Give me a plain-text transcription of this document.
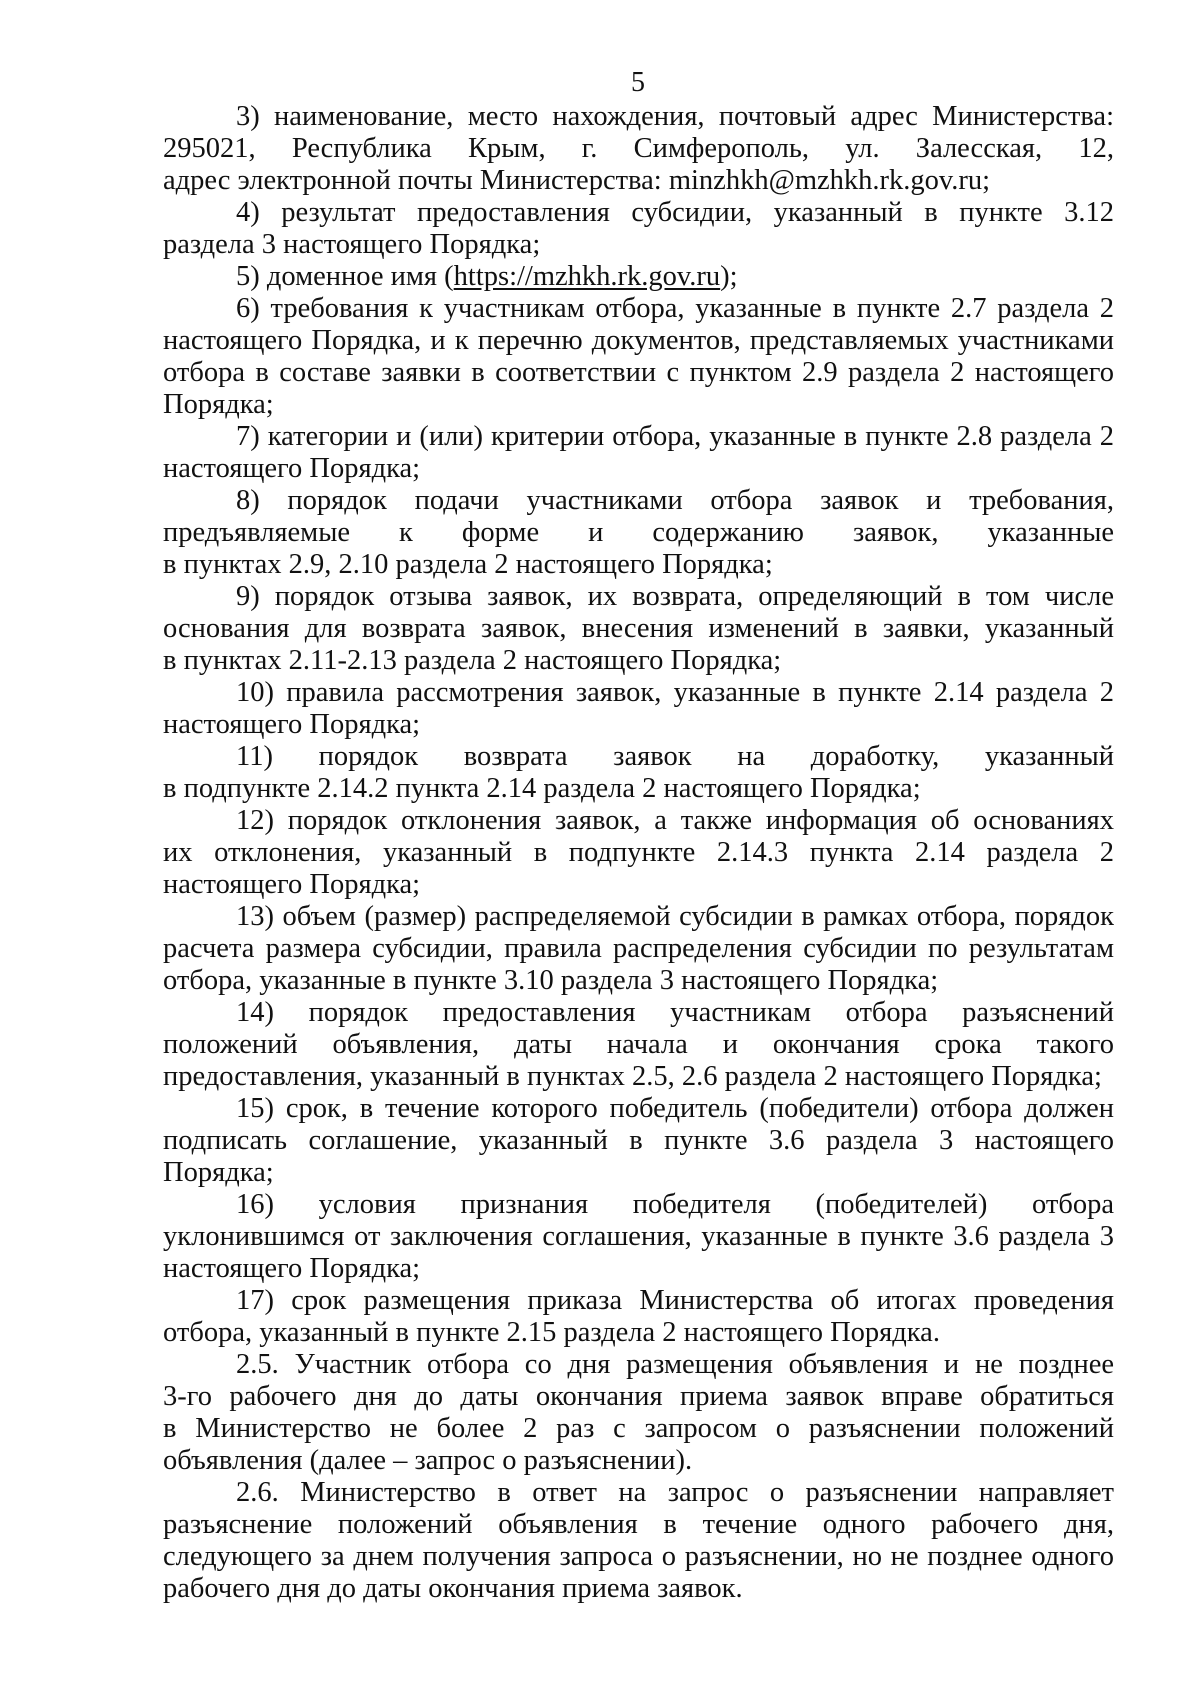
5
3) наименование, место нахождения, почтовый адрес Министерства:
295021, Республика Крым, г. Симферополь, ул. Залесская, 12,
адрес электронной почты Министерства: minzhkh@mzhkh.rk.gov.ru;
4) результат предоставления субсидии, указанный в пункте 3.12
раздела 3 настоящего Порядка;
5) доменное имя (https://mzhkh.rk.gov.ru);
6) требования к участникам отбора, указанные в пункте 2.7 раздела 2
настоящего Порядка, и к перечню документов, представляемых участниками
отбора в составе заявки в соответствии с пунктом 2.9 раздела 2 настоящего
Порядка;
7) категории и (или) критерии отбора, указанные в пункте 2.8 раздела 2
настоящего Порядка;
8) порядок подачи участниками отбора заявок и требования,
предъявляемые к форме и содержанию заявок, указанные
в пунктах 2.9, 2.10 раздела 2 настоящего Порядка;
9) порядок отзыва заявок, их возврата, определяющий в том числе
основания для возврата заявок, внесения изменений в заявки, указанный
в пунктах 2.11-2.13 раздела 2 настоящего Порядка;
10) правила рассмотрения заявок, указанные в пункте 2.14 раздела 2
настоящего Порядка;
11) порядок возврата заявок на доработку, указанный
в подпункте 2.14.2 пункта 2.14 раздела 2 настоящего Порядка;
12) порядок отклонения заявок, а также информация об основаниях
их отклонения, указанный в подпункте 2.14.3 пункта 2.14 раздела 2
настоящего Порядка;
13) объем (размер) распределяемой субсидии в рамках отбора, порядок
расчета размера субсидии, правила распределения субсидии по результатам
отбора, указанные в пункте 3.10 раздела 3 настоящего Порядка;
14) порядок предоставления участникам отбора разъяснений
положений объявления, даты начала и окончания срока такого
предоставления, указанный в пунктах 2.5, 2.6 раздела 2 настоящего Порядка;
15) срок, в течение которого победитель (победители) отбора должен
подписать соглашение, указанный в пункте 3.6 раздела 3 настоящего
Порядка;
16) условия признания победителя (победителей) отбора
уклонившимся от заключения соглашения, указанные в пункте 3.6 раздела 3
настоящего Порядка;
17) срок размещения приказа Министерства об итогах проведения
отбора, указанный в пункте 2.15 раздела 2 настоящего Порядка.
2.5. Участник отбора со дня размещения объявления и не позднее
3-го рабочего дня до даты окончания приема заявок вправе обратиться
в Министерство не более 2 раз с запросом о разъяснении положений
объявления (далее – запрос о разъяснении).
2.6. Министерство в ответ на запрос о разъяснении направляет
разъяснение положений объявления в течение одного рабочего дня,
следующего за днем получения запроса о разъяснении, но не позднее одного
рабочего дня до даты окончания приема заявок.
